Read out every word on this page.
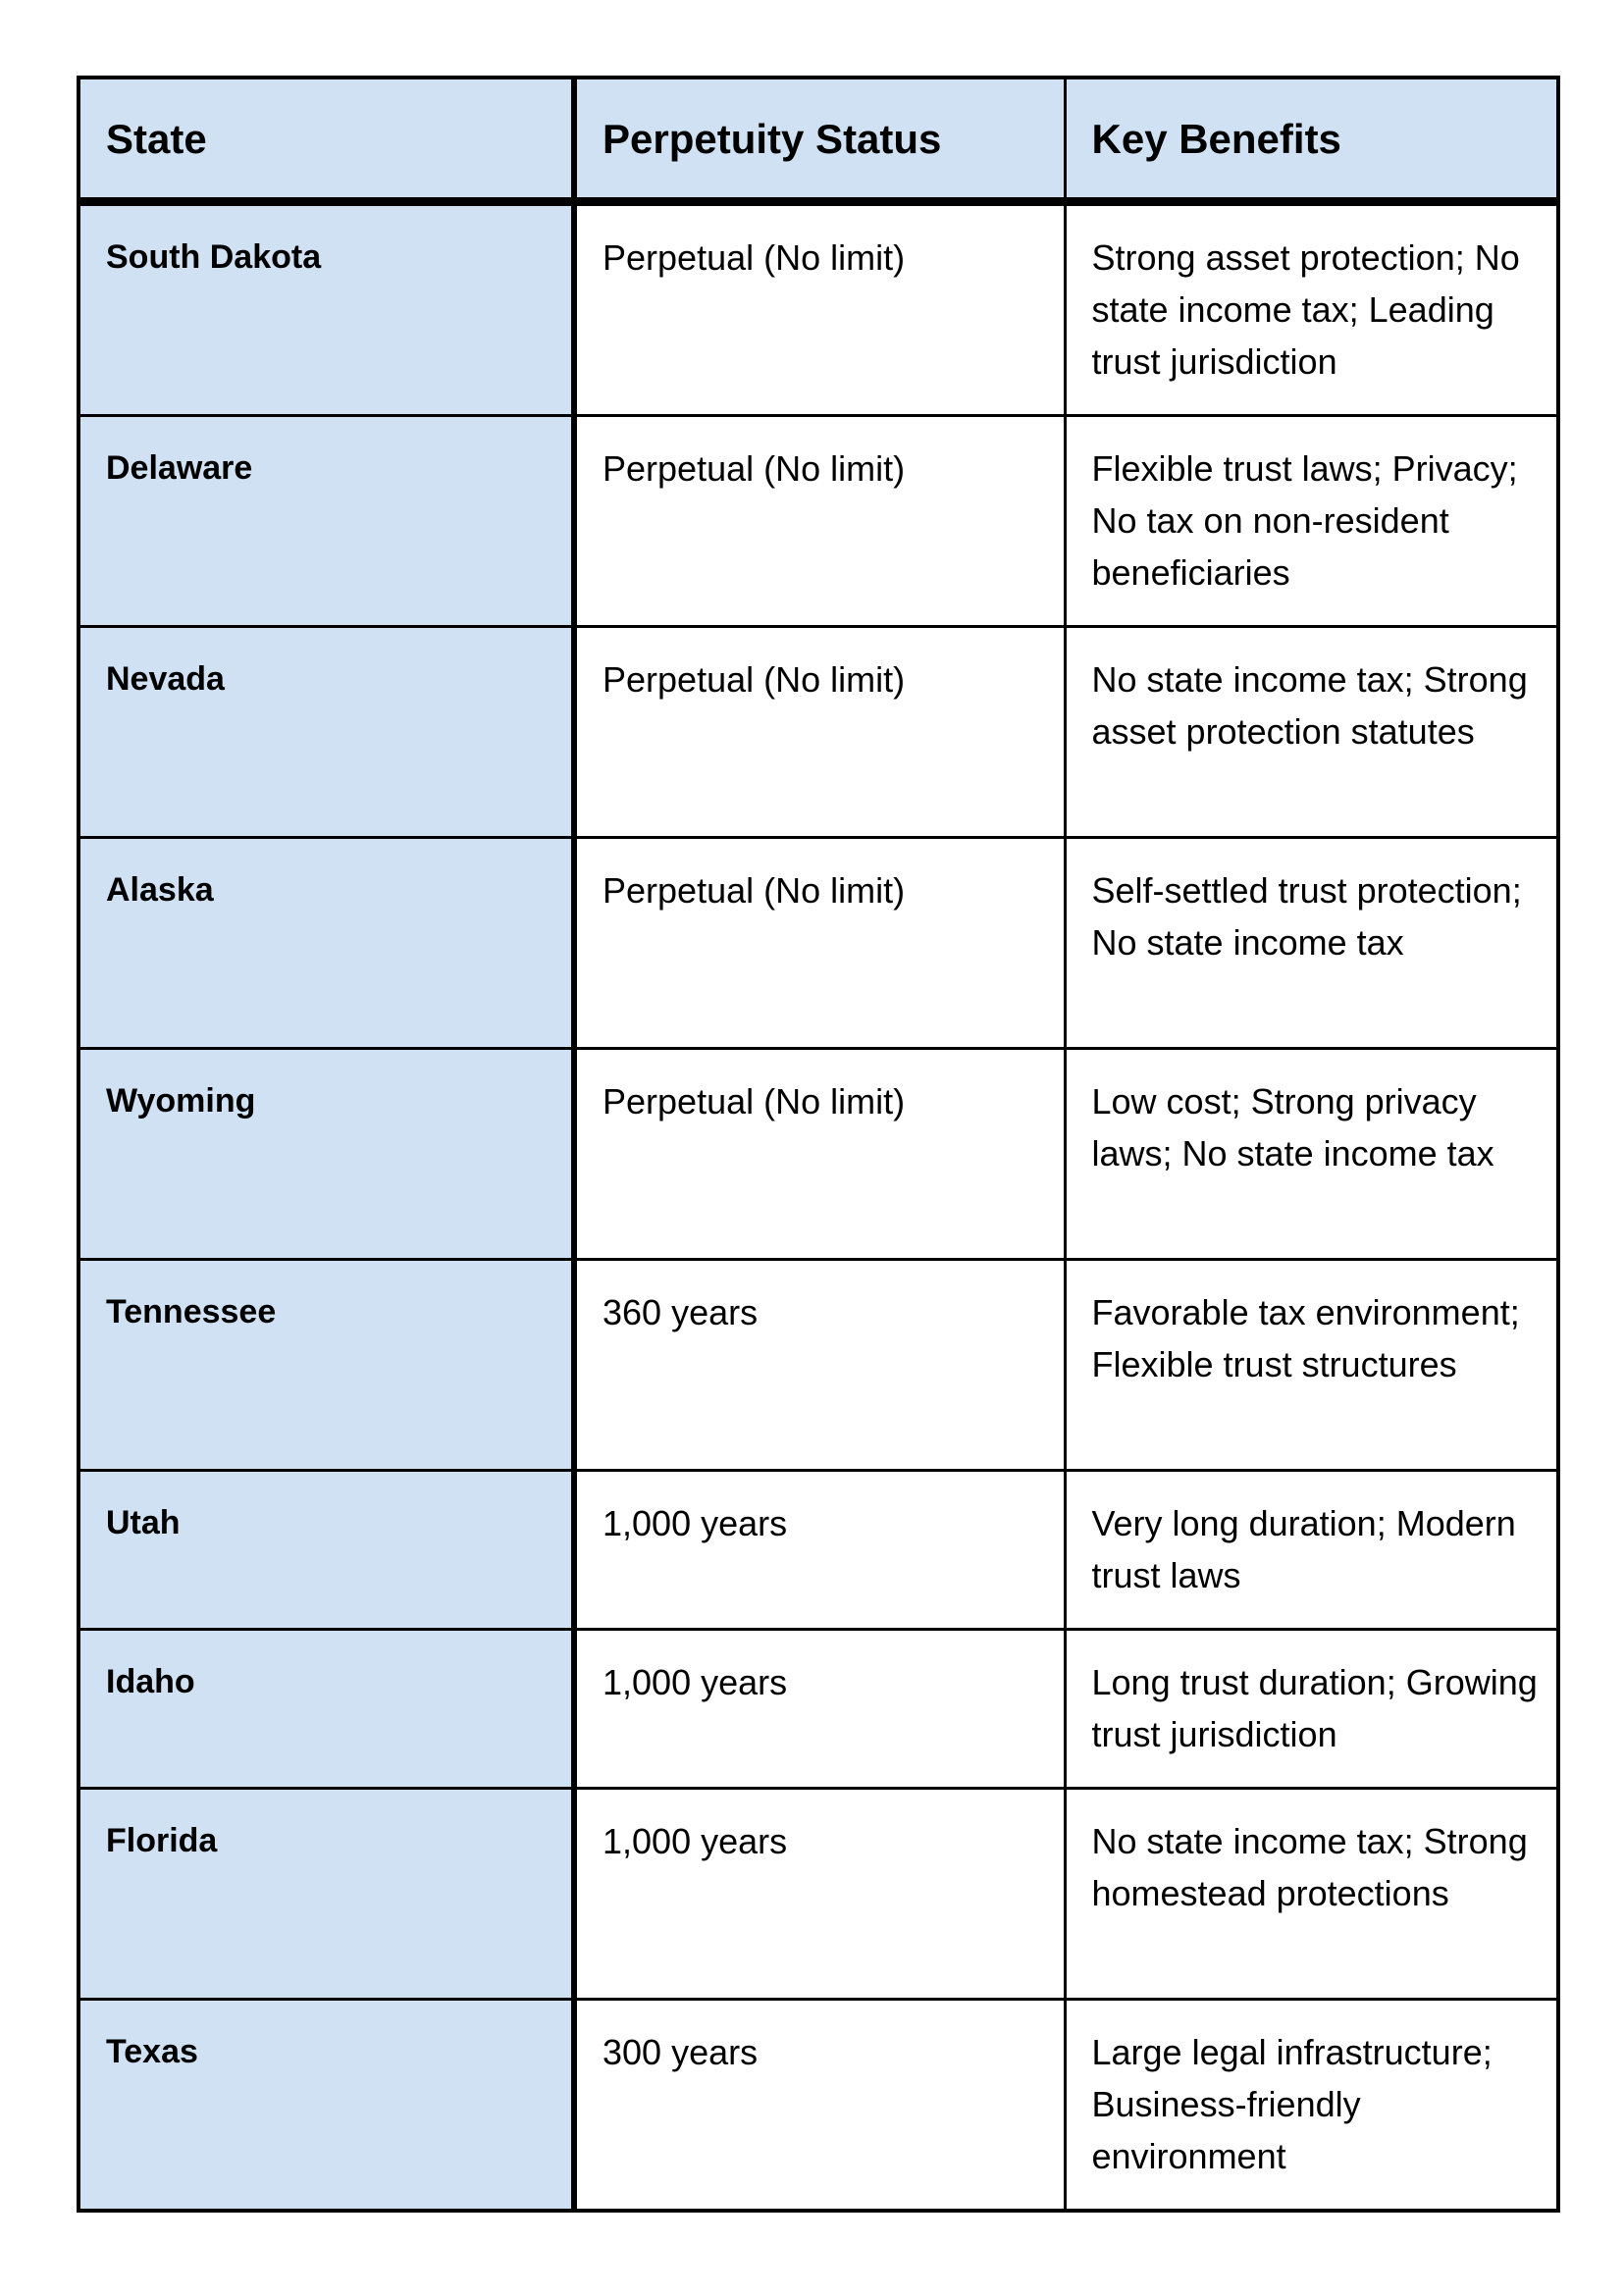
State	Perpetuity Status	Key Benefits
South Dakota	Perpetual (No limit)	Strong asset protection; No state income tax; Leading trust jurisdiction
Delaware	Perpetual (No limit)	Flexible trust laws; Privacy; No tax on non-resident beneficiaries
Nevada	Perpetual (No limit)	No state income tax; Strong asset protection statutes
Alaska	Perpetual (No limit)	Self-settled trust protection; No state income tax
Wyoming	Perpetual (No limit)	Low cost; Strong privacy laws; No state income tax
Tennessee	360 years	Favorable tax environment; Flexible trust structures
Utah	1,000 years	Very long duration; Modern trust laws
Idaho	1,000 years	Long trust duration; Growing trust jurisdiction
Florida	1,000 years	No state income tax; Strong homestead protections
Texas	300 years	Large legal infrastructure; Business-friendly environment
